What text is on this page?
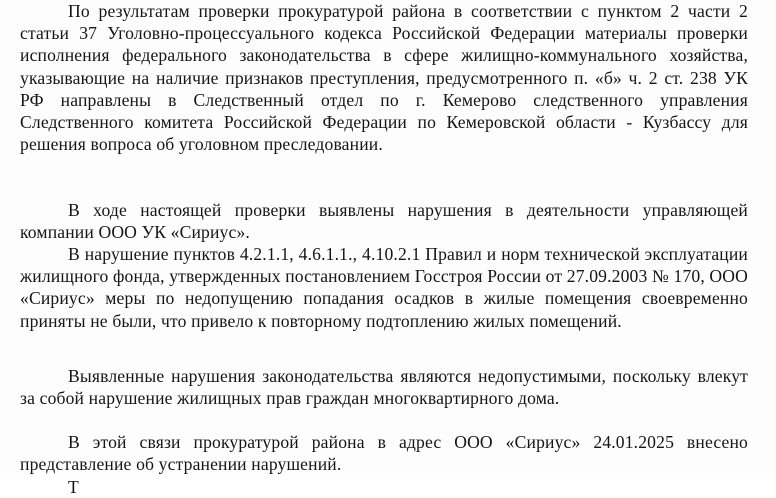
По результатам проверки прокуратурой района в соответствии с пунктом 2 части 2 статьи 37 Уголовно-процессуального кодекса Российской Федерации материалы проверки исполнения федерального законодательства в сфере жилищно-коммунального хозяйства, указывающие на наличие признаков преступления, предусмотренного п. «б» ч. 2 ст. 238 УК РФ направлены в Следственный отдел по г. Кемерово следственного управления Следственного комитета Российской Федерации по Кемеровской области - Кузбассу для решения вопроса об уголовном преследовании.

В ходе настоящей проверки выявлены нарушения в деятельности управляющей компании ООО УК «Сириус».

В нарушение пунктов 4.2.1.1, 4.6.1.1., 4.10.2.1 Правил и норм технической эксплуатации жилищного фонда, утвержденных постановлением Госстроя России от 27.09.2003 № 170, ООО «Сириус» меры по недопущению попадания осадков в жилые помещения своевременно приняты не были, что привело к повторному подтоплению жилых помещений.

Выявленные нарушения законодательства являются недопустимыми, поскольку влекут за собой нарушение жилищных прав граждан многоквартирного дома.

В этой связи прокуратурой района в адрес ООО «Сириус» 24.01.2025 внесено представление об устранении нарушений.

Т
